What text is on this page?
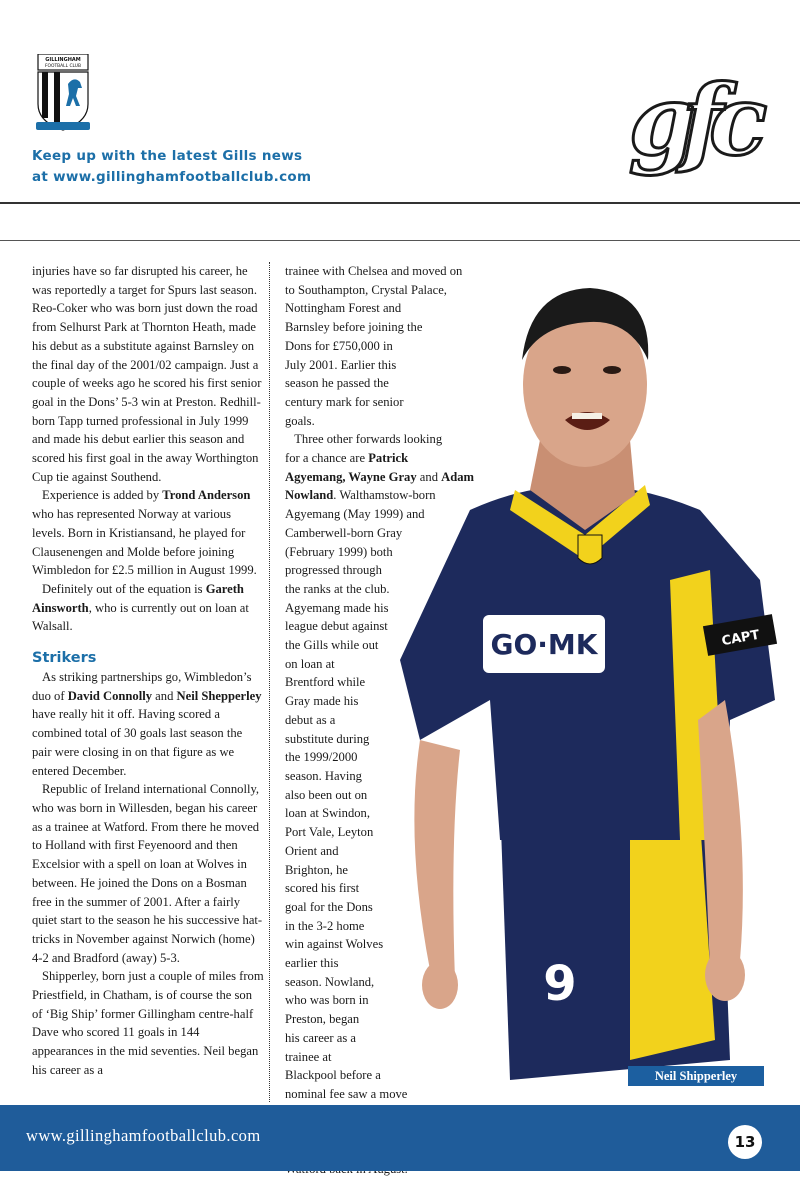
GILLINGHAM
FOOTBALL CLUB
Keep up with the latest Gills news
at www.gillinghamfootballclub.com	gfc

injuries have so far disrupted his career, he was reportedly a target for Spurs last season. Reo-Coker who was born just down the road from Selhurst Park at Thornton Heath, made his debut as a substitute against Barnsley on the final day of the 2001/02 campaign. Just a couple of weeks ago he scored his first senior goal in the Dons’ 5-3 win at Preston. Redhill-born Tapp turned professional in July 1999 and made his debut earlier this season and scored his first goal in the away Worthington Cup tie against Southend.

Experience is added by Trond Anderson who has represented Norway at various levels. Born in Kristiansand, he played for Clausenengen and Molde before joining Wimbledon for £2.5 million in August 1999.

Definitely out of the equation is Gareth Ainsworth, who is currently out on loan at Walsall.

Strikers

As striking partnerships go, Wimbledon’s duo of David Connolly and Neil Shepperley have really hit it off. Having scored a combined total of 30 goals last season the pair were closing in on that figure as we entered December.

Republic of Ireland international Connolly, who was born in Willesden, began his career as a trainee at Watford. From there he moved to Holland with first Feyenoord and then Excelsior with a spell on loan at Wolves in between. He joined the Dons on a Bosman free in the summer of 2001. After a fairly quiet start to the season he his successive hat-tricks in November against Norwich (home) 4-2 and Bradford (away) 5-3.

Shipperley, born just a couple of miles from Priestfield, in Chatham, is of course the son of ‘Big Ship’ former Gillingham centre-half Dave who scored 11 goals in 144 appearances in the mid seventies. Neil began his career as a

CAPT
GO·MK
9
trainee with Chelsea and moved on
to Southampton, Crystal Palace,
Nottingham Forest and
Barnsley before joining the
Dons for £750,000 in
July 2001. Earlier this
season he passed the
century mark for senior
goals.
Three other forwards looking
for a chance are Patrick
Agyemang, Wayne Gray and Adam
Nowland. Walthamstow-born
Agyemang (May 1999) and
Camberwell-born Gray
(February 1999) both
progressed through
the ranks at the club.
Agyemang made his
league debut against
the Gills while out
on loan at
Brentford while
Gray made his
debut as a
substitute during
the 1999/2000
season. Having
also been out on
loan at Swindon,
Port Vale, Leyton
Orient and
Brighton, he
scored his first
goal for the Dons
in the 3-2 home
win against Wolves
earlier this
season. Nowland,
who was born in
Preston, began
his career as a
trainee at
Blackpool before a
nominal fee saw a move
Neil Shipperley
www.gillinghamfootballclub.com	13
